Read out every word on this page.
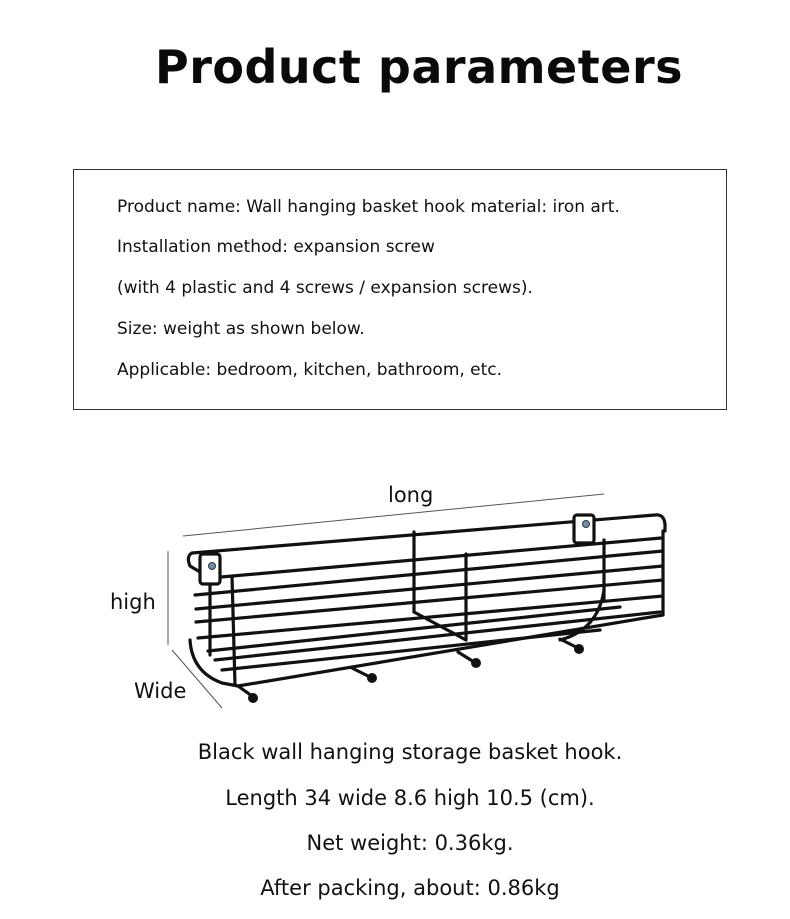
Product parameters
Product name: Wall hanging basket hook material: iron art.
Installation method: expansion screw
(with 4 plastic and 4 screws / expansion screws).
Size: weight as shown below.
Applicable: bedroom, kitchen, bathroom, etc.
long
high
Wide
Black wall hanging storage basket hook.
Length 34 wide 8.6 high 10.5 (cm).
Net weight: 0.36kg.
After packing, about: 0.86kg
